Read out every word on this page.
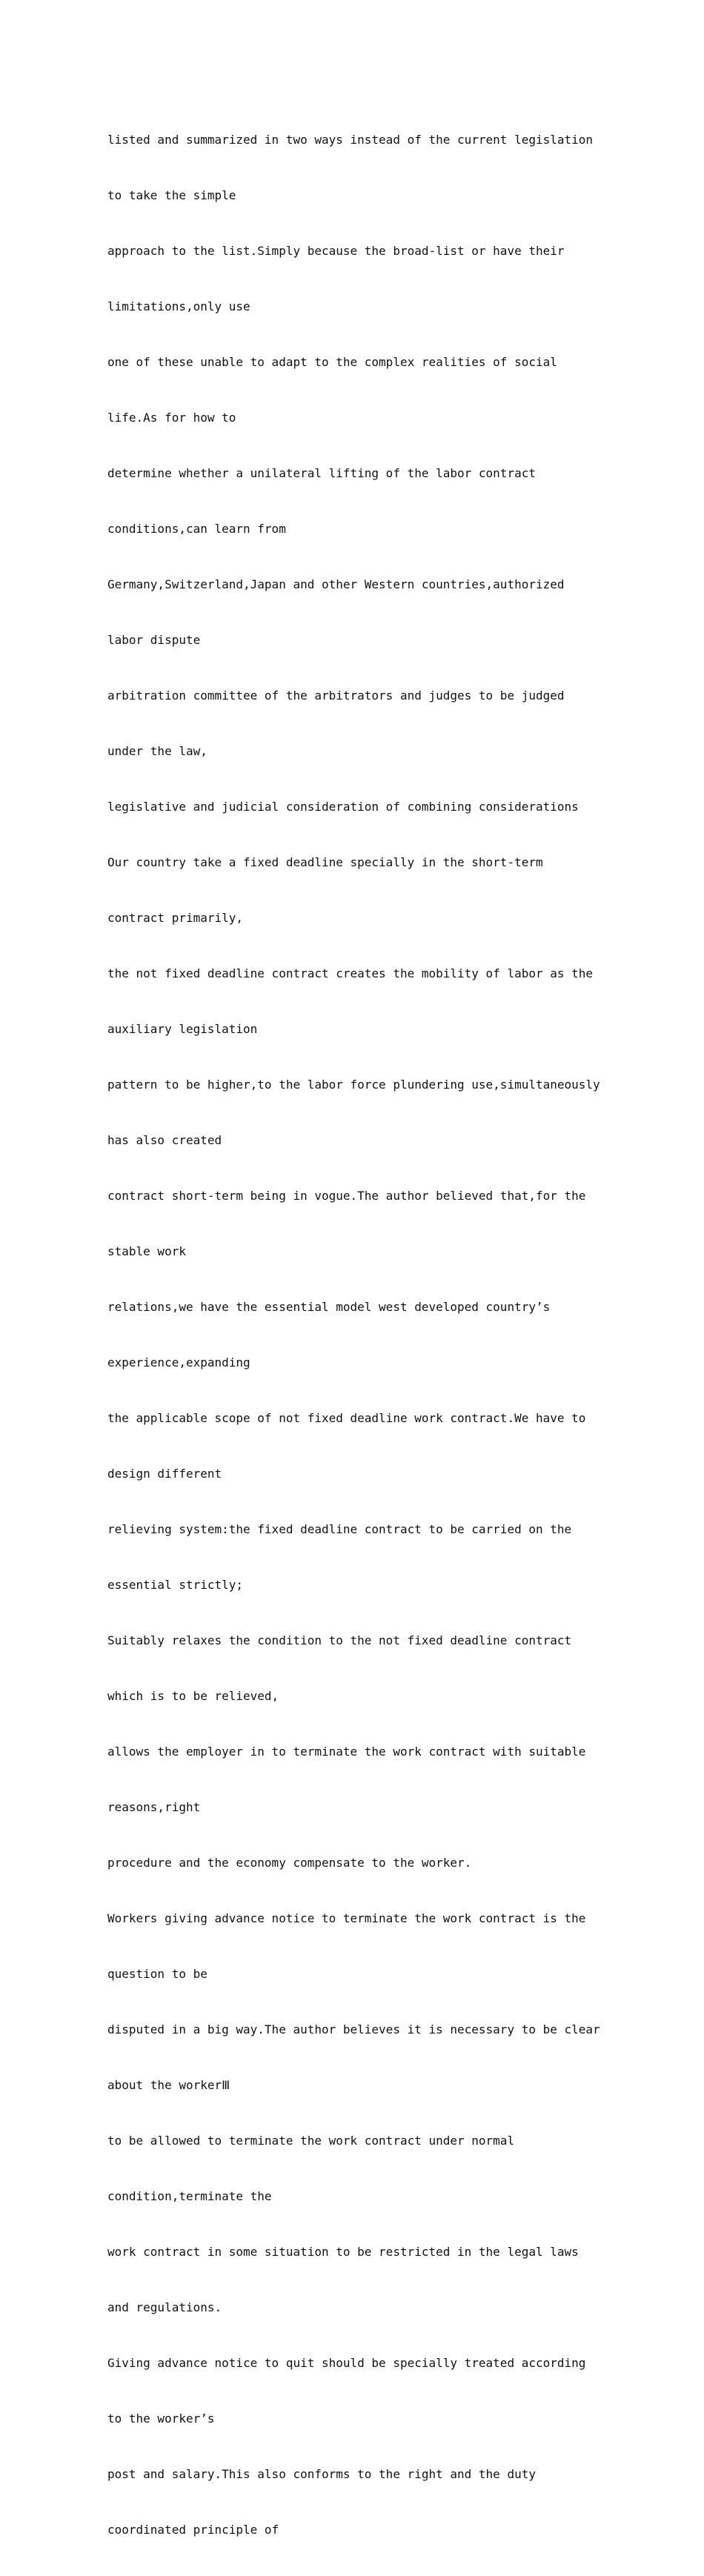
listed and summarized in two ways instead of the current legislation

to take the simple

approach to the list.Simply because the broad-list or have their

limitations,only use

one of these unable to adapt to the complex realities of social

life.As for how to

determine whether a unilateral lifting of the labor contract

conditions,can learn from

Germany,Switzerland,Japan and other Western countries,authorized

labor dispute

arbitration committee of the arbitrators and judges to be judged

under the law,

legislative and judicial consideration of combining considerations

Our country take a fixed deadline specially in the short-term

contract primarily,

the not fixed deadline contract creates the mobility of labor as the

auxiliary legislation

pattern to be higher,to the labor force plundering use,simultaneously

has also created

contract short-term being in vogue.The author believed that,for the

stable work

relations,we have the essential model west developed country’s

experience,expanding

the applicable scope of not fixed deadline work contract.We have to

design different

relieving system:the fixed deadline contract to be carried on the

essential strictly;

Suitably relaxes the condition to the not fixed deadline contract

which is to be relieved,

allows the employer in to terminate the work contract with suitable

reasons,right

procedure and the economy compensate to the worker.

Workers giving advance notice to terminate the work contract is the

question to be

disputed in a big way.The author believes it is necessary to be clear

about the workerⅢ

to be allowed to terminate the work contract under normal

condition,terminate the

work contract in some situation to be restricted in the legal laws

and regulations.

Giving advance notice to quit should be specially treated according

to the worker’s

post and salary.This also conforms to the right and the duty

coordinated principle of
